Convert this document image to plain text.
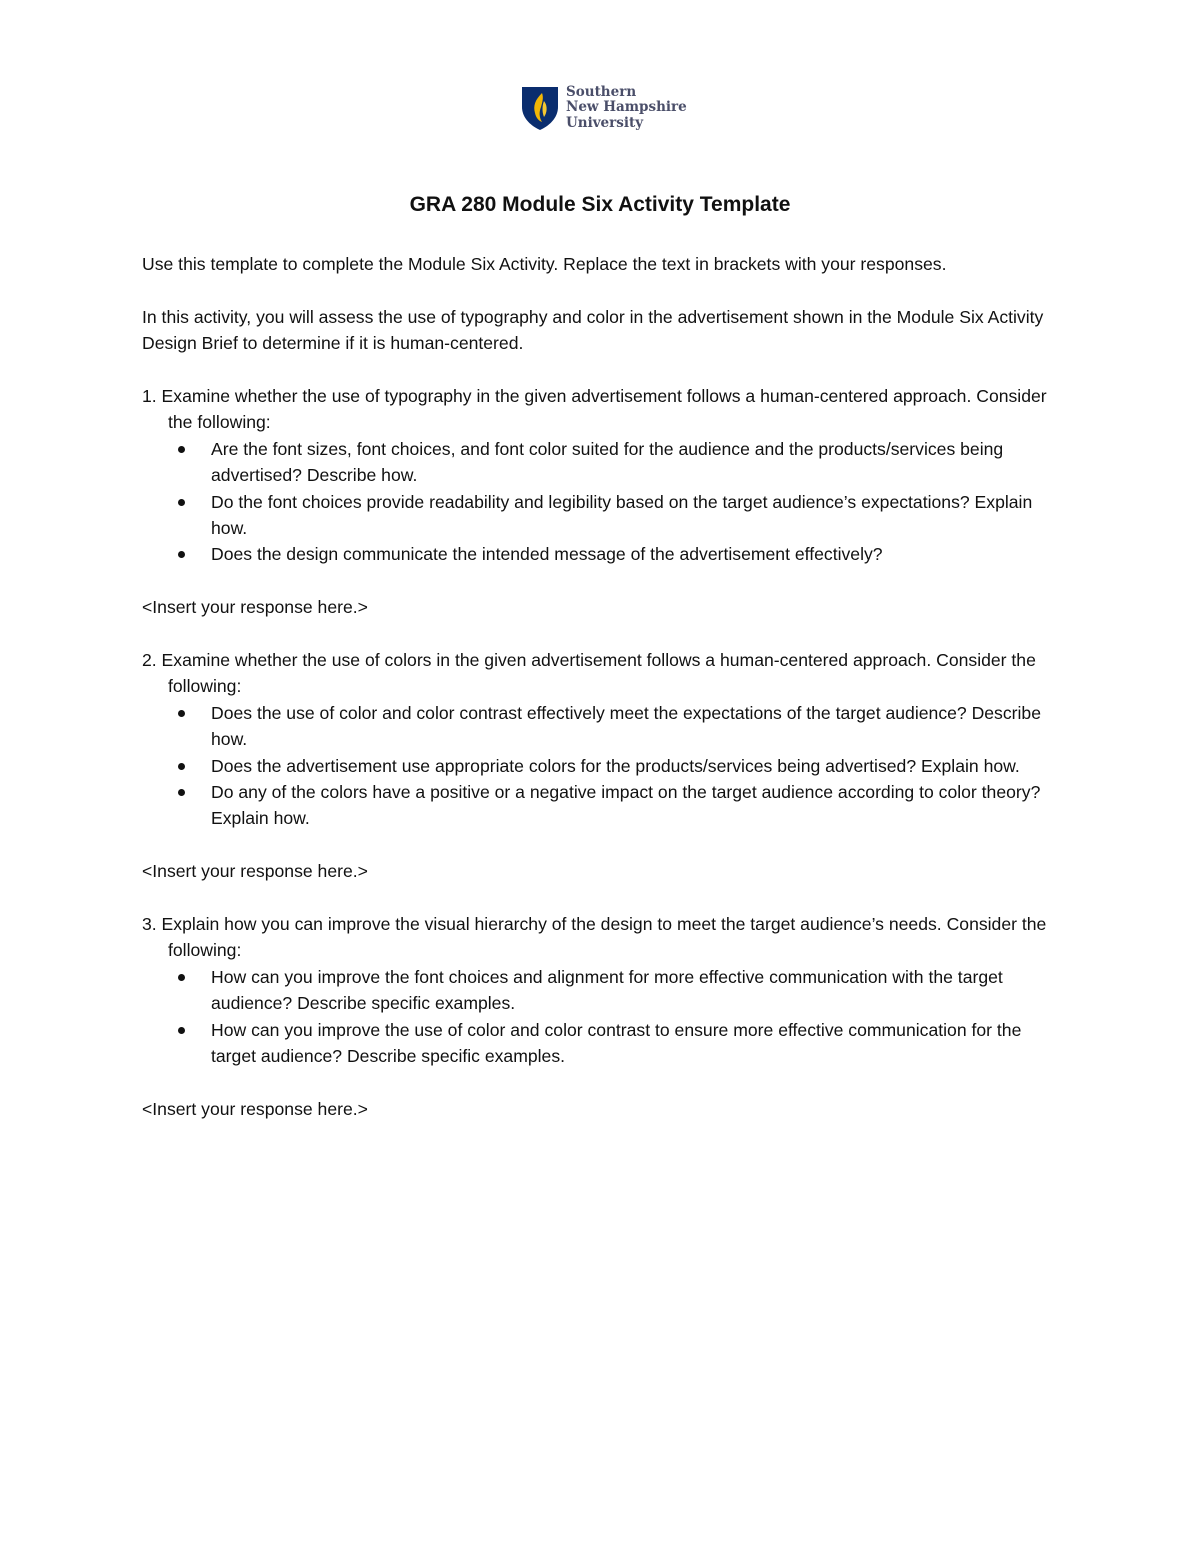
Southern
New Hampshire
University
GRA 280 Module Six Activity Template

Use this template to complete the Module Six Activity. Replace the text in brackets with your responses.

In this activity, you will assess the use of typography and color in the advertisement shown in the Module Six Activity Design Brief to determine if it is human-centered.

1. Examine whether the use of typography in the given advertisement follows a human-centered approach. Consider the following:
Are the font sizes, font choices, and font color suited for the audience and the products/services being advertised? Describe how.
Do the font choices provide readability and legibility based on the target audience’s expectations? Explain how.
Does the design communicate the intended message of the advertisement effectively?

<Insert your response here.>

2. Examine whether the use of colors in the given advertisement follows a human-centered approach. Consider the following:
Does the use of color and color contrast effectively meet the expectations of the target audience? Describe how.
Does the advertisement use appropriate colors for the products/services being advertised? Explain how.
Do any of the colors have a positive or a negative impact on the target audience according to color theory? Explain how.

<Insert your response here.>

3. Explain how you can improve the visual hierarchy of the design to meet the target audience’s needs. Consider the following:
How can you improve the font choices and alignment for more effective communication with the target audience? Describe specific examples.
How can you improve the use of color and color contrast to ensure more effective communication for the target audience? Describe specific examples.

<Insert your response here.>
